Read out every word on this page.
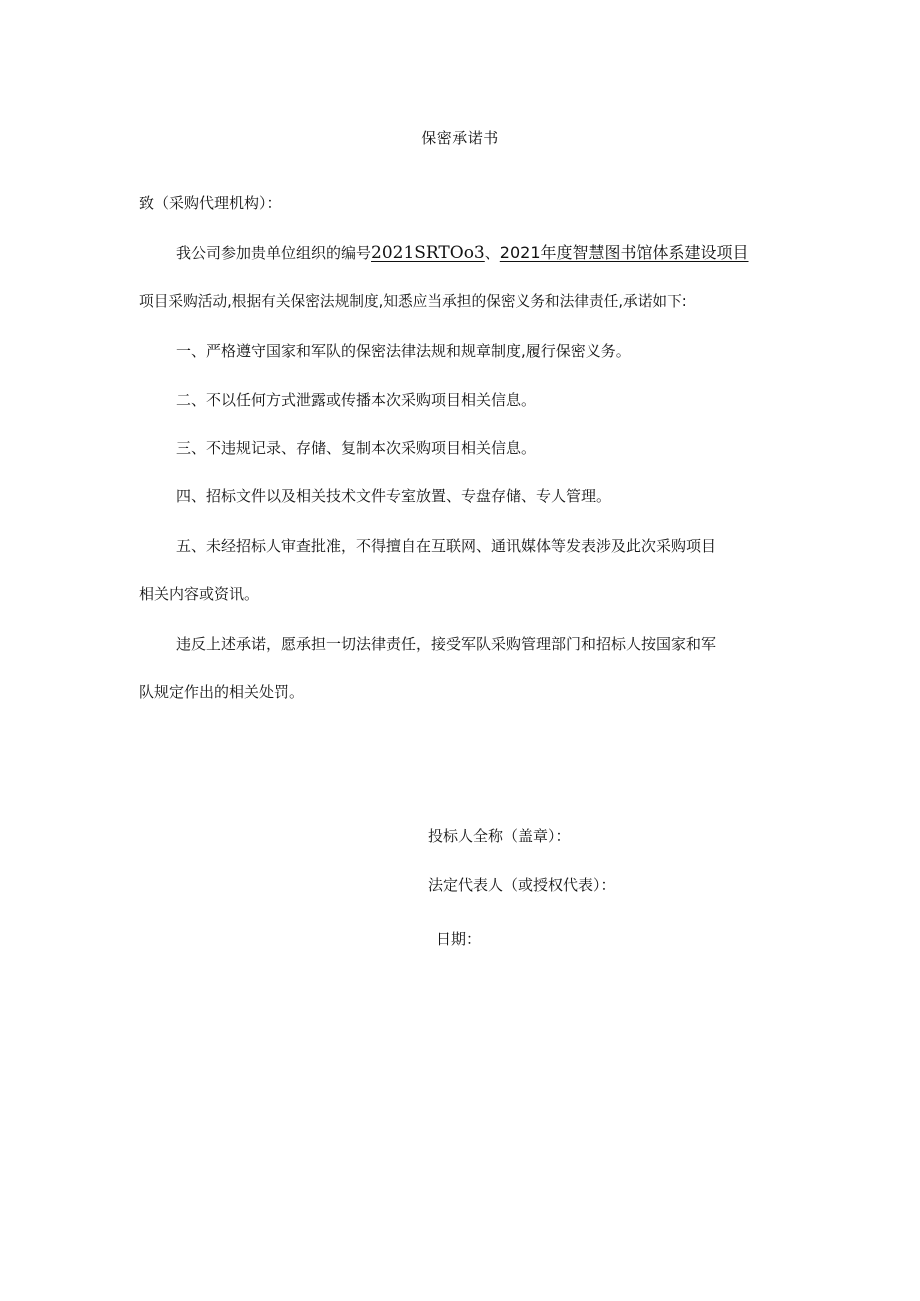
保密承诺书
致（采购代理机构）：
我公司参加贵单位组织的编号2021SRTOo3、2021年度智慧图书馆体系建设项目
项目采购活动,根据有关保密法规制度,知悉应当承担的保密义务和法律责任,承诺如下:
一、严格遵守国家和军队的保密法律法规和规章制度,履行保密义务。
二、不以任何方式泄露或传播本次采购项目相关信息。
三、不违规记录、存储、复制本次采购项目相关信息。
四、招标文件以及相关技术文件专室放置、专盘存储、专人管理。
五、未经招标人审查批准，不得擅自在互联网、通讯媒体等发表涉及此次采购项目
相关内容或资讯。
违反上述承诺，愿承担一切法律责任，接受军队采购管理部门和招标人按国家和军
队规定作出的相关处罚。
投标人全称（盖章）：
法定代表人（或授权代表）：
日期：
